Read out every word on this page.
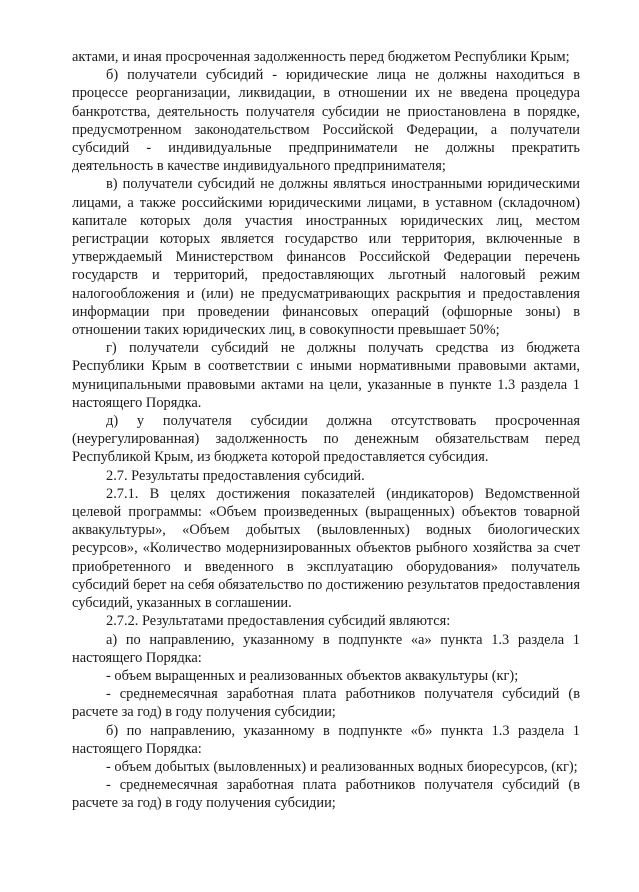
актами, и иная просроченная задолженность перед бюджетом Республики Крым;

б) получатели субсидий - юридические лица не должны находиться в процессе реорганизации, ликвидации, в отношении их не введена процедура банкротства, деятельность получателя субсидии не приостановлена в порядке, предусмотренном законодательством Российской Федерации, а получатели субсидий - индивидуальные предприниматели не должны прекратить деятельность в качестве индивидуального предпринимателя;

в) получатели субсидий не должны являться иностранными юридическими лицами, а также российскими юридическими лицами, в уставном (складочном) капитале которых доля участия иностранных юридических лиц, местом регистрации которых является государство или территория, включенные в утверждаемый Министерством финансов Российской Федерации перечень государств и территорий, предоставляющих льготный налоговый режим налогообложения и (или) не предусматривающих раскрытия и предоставления информации при проведении финансовых операций (офшорные зоны) в отношении таких юридических лиц, в совокупности превышает 50%;

г) получатели субсидий не должны получать средства из бюджета Республики Крым в соответствии с иными нормативными правовыми актами, муниципальными правовыми актами на цели, указанные в пункте 1.3 раздела 1 настоящего Порядка.

д) у получателя субсидии должна отсутствовать просроченная (неурегулированная) задолженность по денежным обязательствам перед Республикой Крым, из бюджета которой предоставляется субсидия.

2.7. Результаты предоставления субсидий.

2.7.1. В целях достижения показателей (индикаторов) Ведомственной целевой программы: «Объем произведенных (выращенных) объектов товарной аквакультуры», «Объем добытых (выловленных) водных биологических ресурсов», «Количество модернизированных объектов рыбного хозяйства за счет приобретенного и введенного в эксплуатацию оборудования» получатель субсидий берет на себя обязательство по достижению результатов предоставления субсидий, указанных в соглашении.

2.7.2. Результатами предоставления субсидий являются:

а) по направлению, указанному в подпункте «а» пункта 1.3 раздела 1 настоящего Порядка:

- объем выращенных и реализованных объектов аквакультуры (кг);

- среднемесячная заработная плата работников получателя субсидий (в расчете за год) в году получения субсидии;

б) по направлению, указанному в подпункте «б» пункта 1.3 раздела 1 настоящего Порядка:

- объем добытых (выловленных) и реализованных водных биоресурсов, (кг);

- среднемесячная заработная плата работников получателя субсидий (в расчете за год) в году получения субсидии;
